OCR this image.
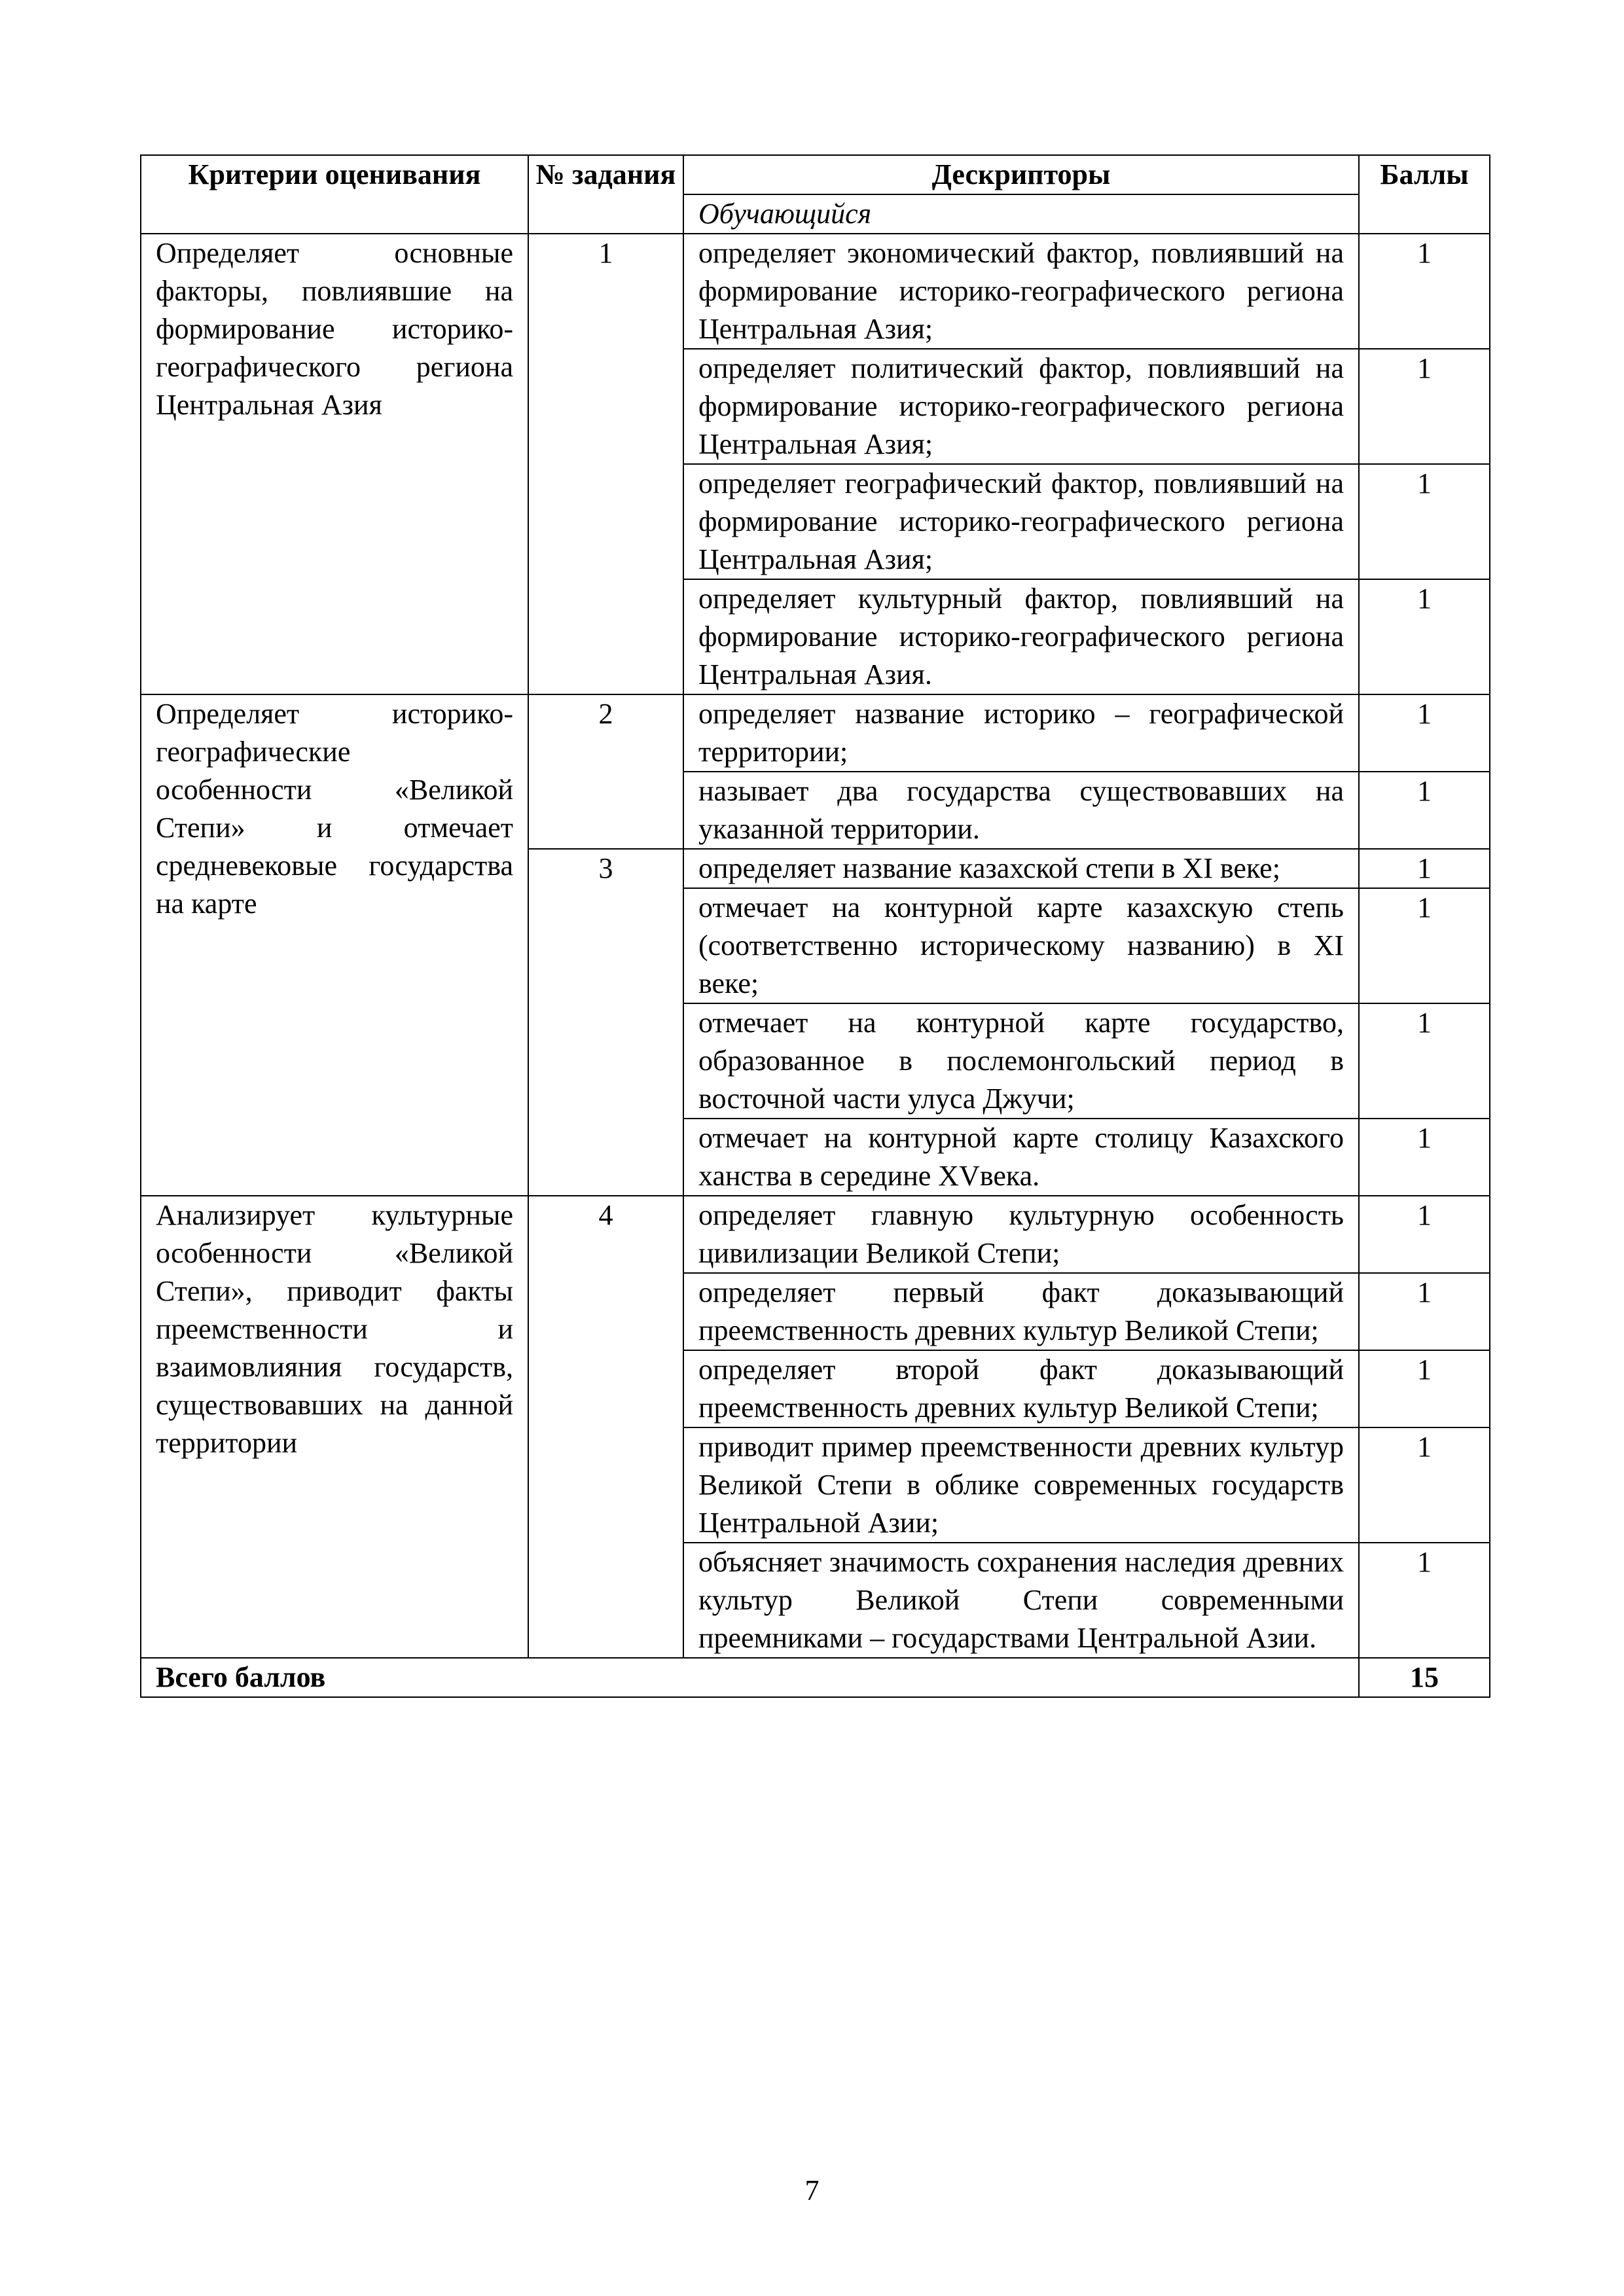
Критерии оценивания	№ задания	Дескрипторы	Баллы
		Обучающийся	
Определяет основные факторы, повлиявшие на формирование историко-географического региона Центральная Азия	1	определяет экономический фактор, повлиявший на формирование историко-географического региона Центральная Азия;	1
		определяет политический фактор, повлиявший на формирование историко-географического региона Центральная Азия;	1
		определяет географический фактор, повлиявший на формирование историко-географического региона Центральная Азия;	1
		определяет культурный фактор, повлиявший на формирование историко-географического региона Центральная Азия.	1
Определяет историко-географические особенности «Великой Степи» и отмечает средневековые государства на карте	2	определяет название историко – географической территории;	1
		называет два государства существовавших на указанной территории.	1
	3	определяет название казахской степи в XI веке;	1
		отмечает на контурной карте казахскую степь (соответственно историческому названию) в XI веке;	1
		отмечает на контурной карте государство, образованное в послемонгольский период в восточной части улуса Джучи;	1
		отмечает на контурной карте столицу Казахского ханства в середине XVвека.	1
Анализирует культурные особенности «Великой Степи», приводит факты преемственности и взаимовлияния государств, существовавших на данной территории	4	определяет главную культурную особенность цивилизации Великой Степи;	1
		определяет первый факт доказывающий преемственность древних культур Великой Степи;	1
		определяет второй факт доказывающий преемственность древних культур Великой Степи;	1
		приводит пример преемственности древних культур Великой Степи в облике современных государств Центральной Азии;	1
		объясняет значимость сохранения наследия древних культур Великой Степи современными преемниками – государствами Центральной Азии.	1
Всего баллов			15
7
